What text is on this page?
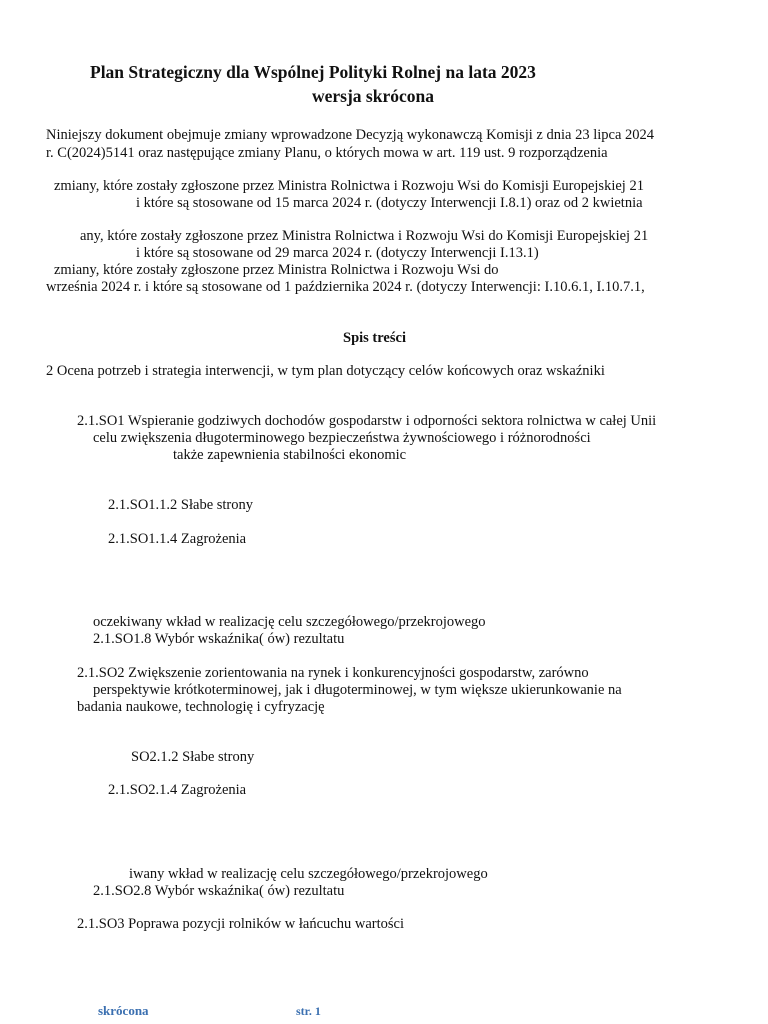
Plan Strategiczny dla Wspólnej Polityki Rolnej na lata 2023
wersja skrócona
Niniejszy dokument obejmuje zmiany wprowadzone Decyzją wykonawczą Komisji z dnia 23 lipca 2024
r. C(2024)5141 oraz następujące zmiany Planu, o których mowa w art. 119 ust. 9 rozporządzenia
zmiany, które zostały zgłoszone przez Ministra Rolnictwa i Rozwoju Wsi do Komisji Europejskiej 21
i które są stosowane od 15 marca 2024 r. (dotyczy Interwencji I.8.1) oraz od 2 kwietnia
any, które zostały zgłoszone przez Ministra Rolnictwa i Rozwoju Wsi do Komisji Europejskiej 21
i które są stosowane od 29 marca 2024 r. (dotyczy Interwencji I.13.1)
zmiany, które zostały zgłoszone przez Ministra Rolnictwa i Rozwoju Wsi do
września 2024 r. i które są stosowane od 1 października 2024 r. (dotyczy Interwencji: I.10.6.1, I.10.7.1,
Spis treści
2 Ocena potrzeb i strategia interwencji, w tym plan dotyczący celów końcowych oraz wskaźniki
2.1.SO1 Wspieranie godziwych dochodów gospodarstw i odporności sektora rolnictwa w całej Unii
celu zwiększenia długoterminowego bezpieczeństwa żywnościowego i różnorodności
także zapewnienia stabilności ekonomic
2.1.SO1.1.2 Słabe strony
2.1.SO1.1.4 Zagrożenia
oczekiwany wkład w realizację celu szczegółowego/przekrojowego
2.1.SO1.8 Wybór wskaźnika( ów) rezultatu
2.1.SO2 Zwiększenie zorientowania na rynek i konkurencyjności gospodarstw, zarówno
perspektywie krótkoterminowej, jak i długoterminowej, w tym większe ukierunkowanie na
badania naukowe, technologię i cyfryzację
SO2.1.2 Słabe strony
2.1.SO2.1.4 Zagrożenia
iwany wkład w realizację celu szczegółowego/przekrojowego
2.1.SO2.8 Wybór wskaźnika( ów) rezultatu
2.1.SO3 Poprawa pozycji rolników w łańcuchu wartości
skrócona	str. 1
